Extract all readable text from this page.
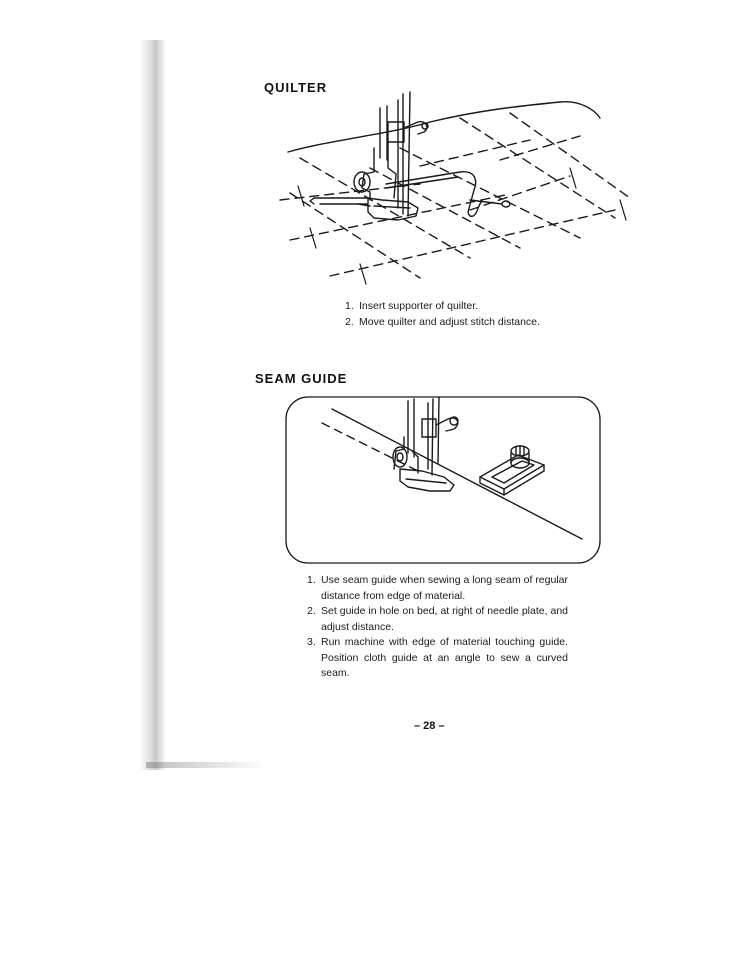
QUILTER
1. Insert supporter of quilter.
2. Move quilter and adjust stitch distance.
SEAM GUIDE
1. Use seam guide when sewing a long seam of regular distance from edge of material.
2. Set guide in hole on bed, at right of needle plate, and adjust distance.
3. Run machine with edge of material touching guide. Position cloth guide at an angle to sew a curved seam.
– 28 –
